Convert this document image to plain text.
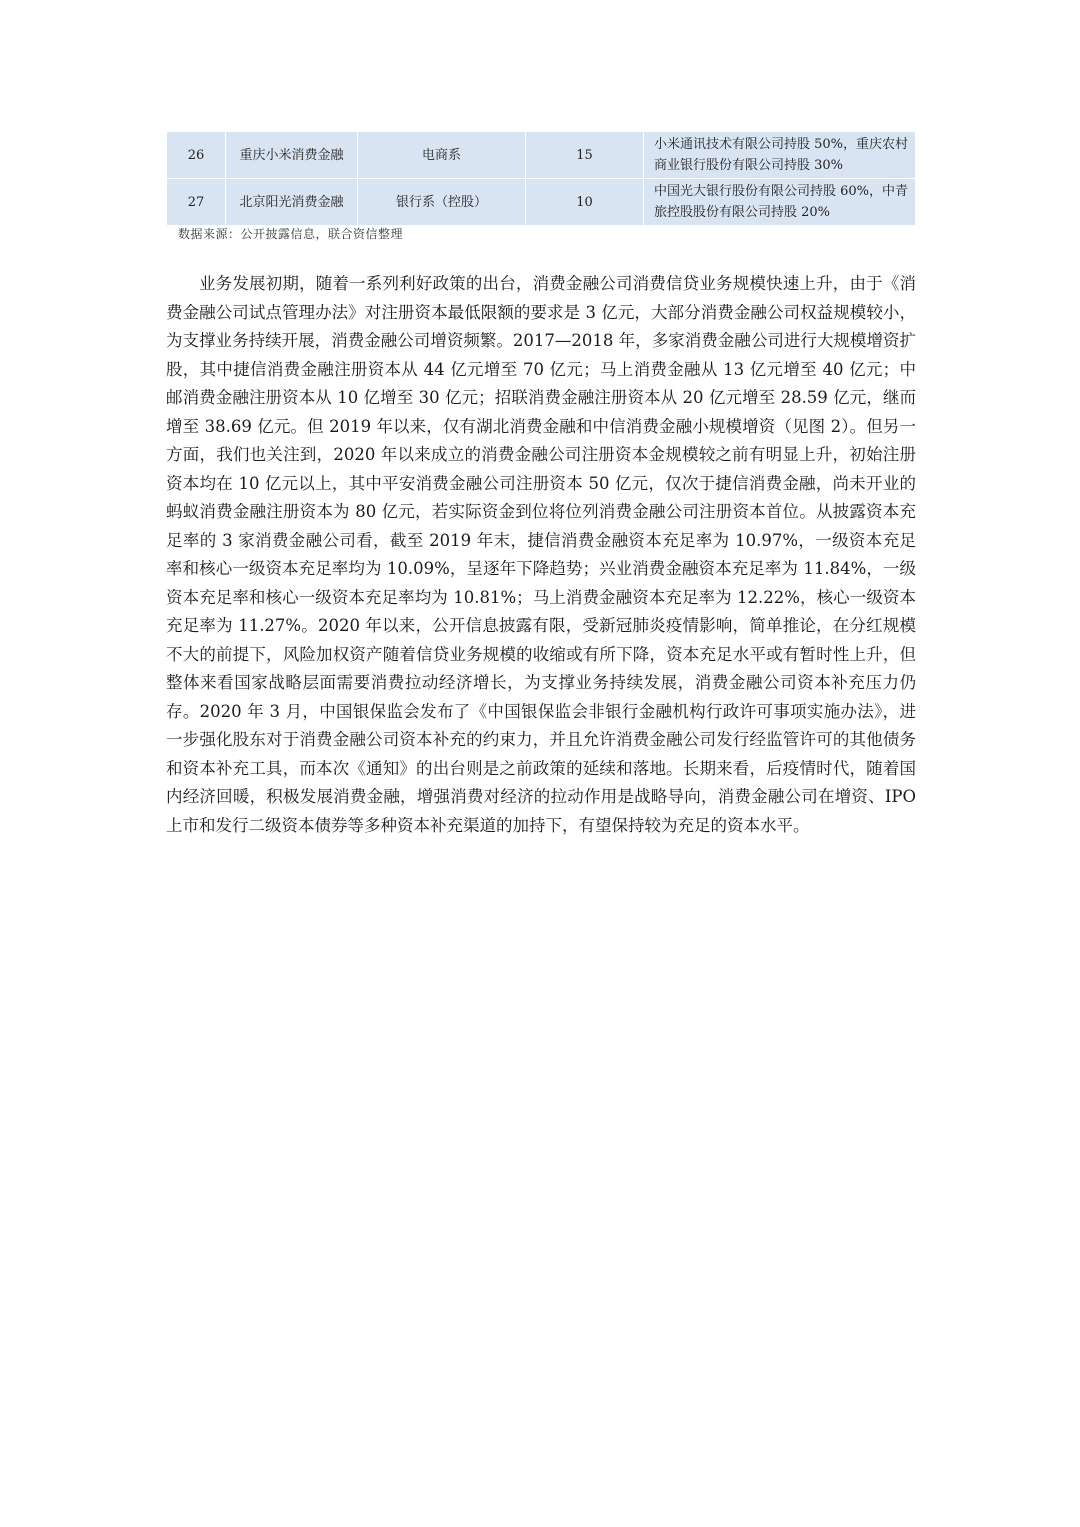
26	重庆小米消费金融	电商系	15	小米通讯技术有限公司持股 50%，重庆农村商业银行股份有限公司持股 30%
27	北京阳光消费金融	银行系（控股）	10	中国光大银行股份有限公司持股 60%，中青旅控股股份有限公司持股 20%
数据来源：公开披露信息，联合资信整理

业务发展初期，随着一系列利好政策的出台，消费金融公司消费信贷业务规模快速上升，由于《消费金融公司试点管理办法》对注册资本最低限额的要求是 3 亿元，大部分消费金融公司权益规模较小，为支撑业务持续开展，消费金融公司增资频繁。2017—2018 年，多家消费金融公司进行大规模增资扩股，其中捷信消费金融注册资本从 44 亿元增至 70 亿元；马上消费金融从 13 亿元增至 40 亿元；中邮消费金融注册资本从 10 亿增至 30 亿元；招联消费金融注册资本从 20 亿元增至 28.59 亿元，继而增至 38.69 亿元。但 2019 年以来，仅有湖北消费金融和中信消费金融小规模增资（见图 2）。但另一方面，我们也关注到，2020 年以来成立的消费金融公司注册资本金规模较之前有明显上升，初始注册资本均在 10 亿元以上，其中平安消费金融公司注册资本 50 亿元，仅次于捷信消费金融，尚未开业的蚂蚁消费金融注册资本为 80 亿元，若实际资金到位将位列消费金融公司注册资本首位。从披露资本充足率的 3 家消费金融公司看，截至 2019 年末，捷信消费金融资本充足率为 10.97%，一级资本充足率和核心一级资本充足率均为 10.09%，呈逐年下降趋势；兴业消费金融资本充足率为 11.84%，一级资本充足率和核心一级资本充足率均为 10.81%；马上消费金融资本充足率为 12.22%，核心一级资本充足率为 11.27%。2020 年以来，公开信息披露有限，受新冠肺炎疫情影响，简单推论，在分红规模不大的前提下，风险加权资产随着信贷业务规模的收缩或有所下降，资本充足水平或有暂时性上升，但整体来看国家战略层面需要消费拉动经济增长，为支撑业务持续发展，消费金融公司资本补充压力仍存。2020 年 3 月，中国银保监会发布了《中国银保监会非银行金融机构行政许可事项实施办法》，进一步强化股东对于消费金融公司资本补充的约束力，并且允许消费金融公司发行经监管许可的其他债务和资本补充工具，而本次《通知》的出台则是之前政策的延续和落地。长期来看，后疫情时代，随着国内经济回暖，积极发展消费金融，增强消费对经济的拉动作用是战略导向，消费金融公司在增资、IPO 上市和发行二级资本债券等多种资本补充渠道的加持下，有望保持较为充足的资本水平。
